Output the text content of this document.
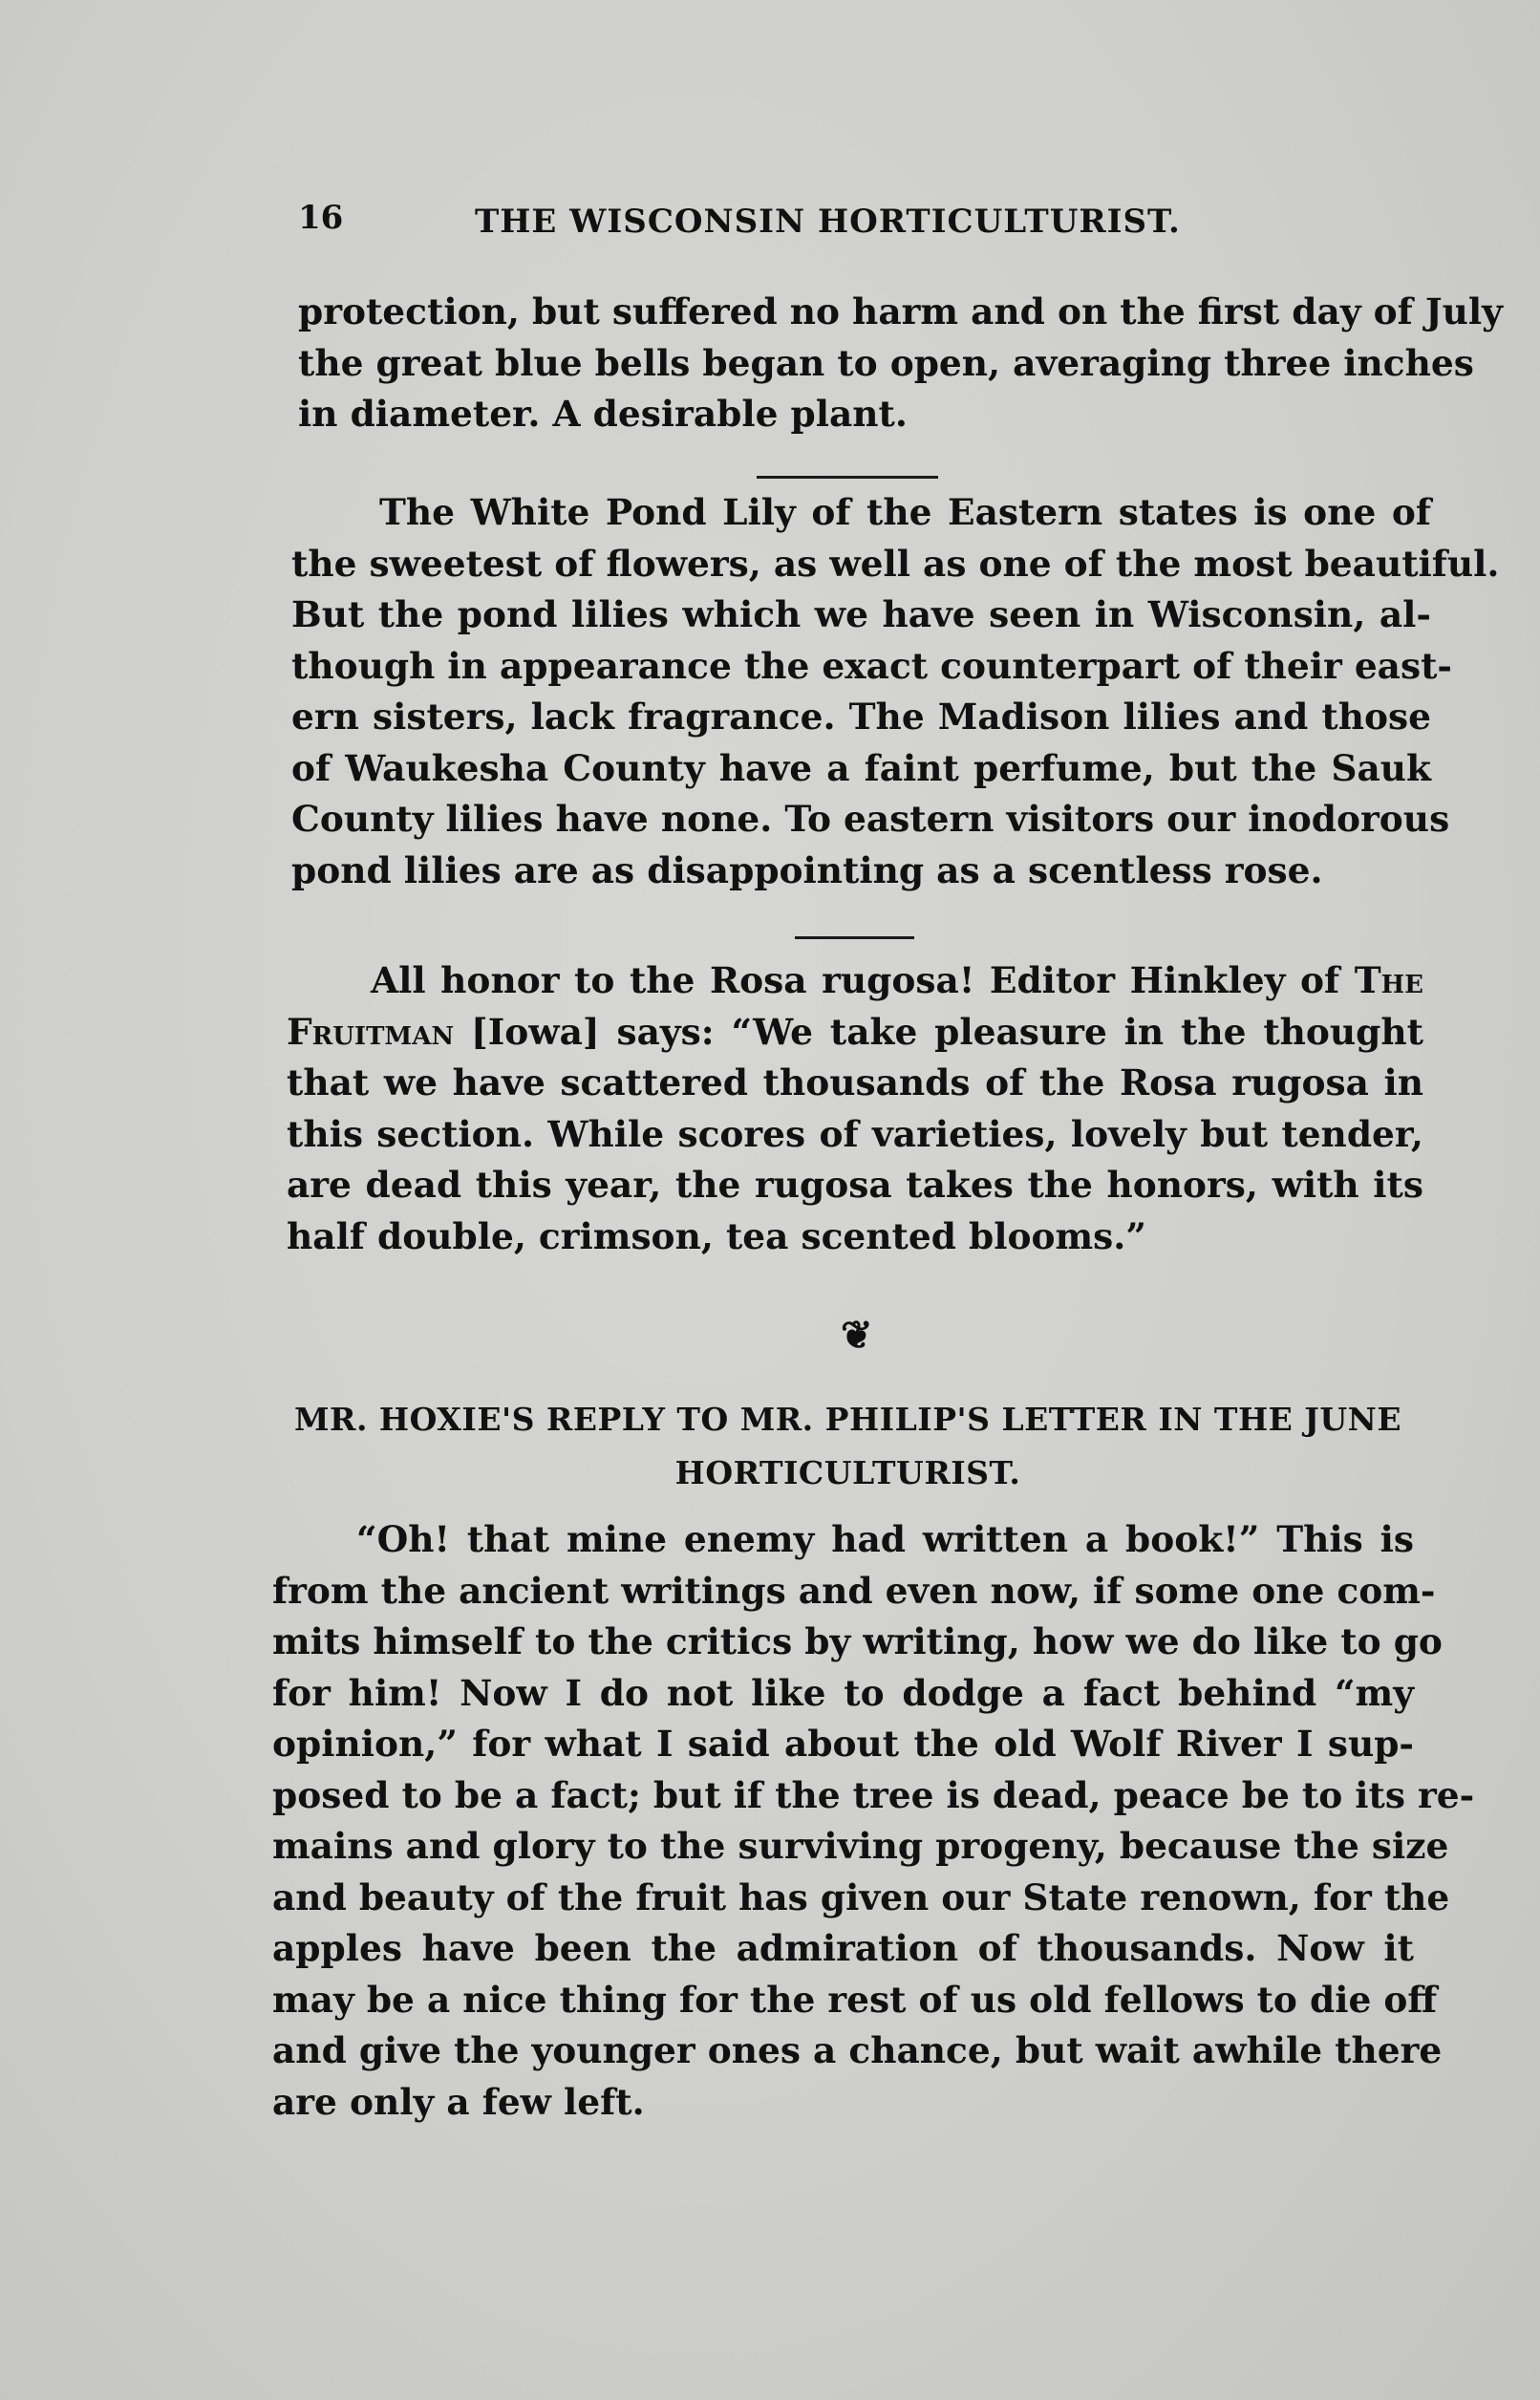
16	THE WISCONSIN HORTICULTURIST.
protection, but suffered no harm and on the first day of July
the great blue bells began to open, averaging three inches
in diameter. A desirable plant.
The White Pond Lily of the Eastern states is one of
the sweetest of flowers, as well as one of the most beautiful.
But the pond lilies which we have seen in Wisconsin, al-
though in appearance the exact counterpart of their east-
ern sisters, lack fragrance. The Madison lilies and those
of Waukesha County have a faint perfume, but the Sauk
County lilies have none. To eastern visitors our inodorous
pond lilies are as disappointing as a scentless rose.
All honor to the Rosa rugosa! Editor Hinkley of The
Fruitman [Iowa] says: “We take pleasure in the thought
that we have scattered thousands of the Rosa rugosa in
this section. While scores of varieties, lovely but tender,
are dead this year, the rugosa takes the honors, with its
half double, crimson, tea scented blooms.”
❦
MR. HOXIE'S REPLY TO MR. PHILIP'S LETTER IN THE JUNE
HORTICULTURIST.
“Oh! that mine enemy had written a book!” This is
from the ancient writings and even now, if some one com-
mits himself to the critics by writing, how we do like to go
for him! Now I do not like to dodge a fact behind “my
opinion,” for what I said about the old Wolf River I sup-
posed to be a fact; but if the tree is dead, peace be to its re-
mains and glory to the surviving progeny, because the size
and beauty of the fruit has given our State renown, for the
apples have been the admiration of thousands. Now it
may be a nice thing for the rest of us old fellows to die off
and give the younger ones a chance, but wait awhile there
are only a few left.
